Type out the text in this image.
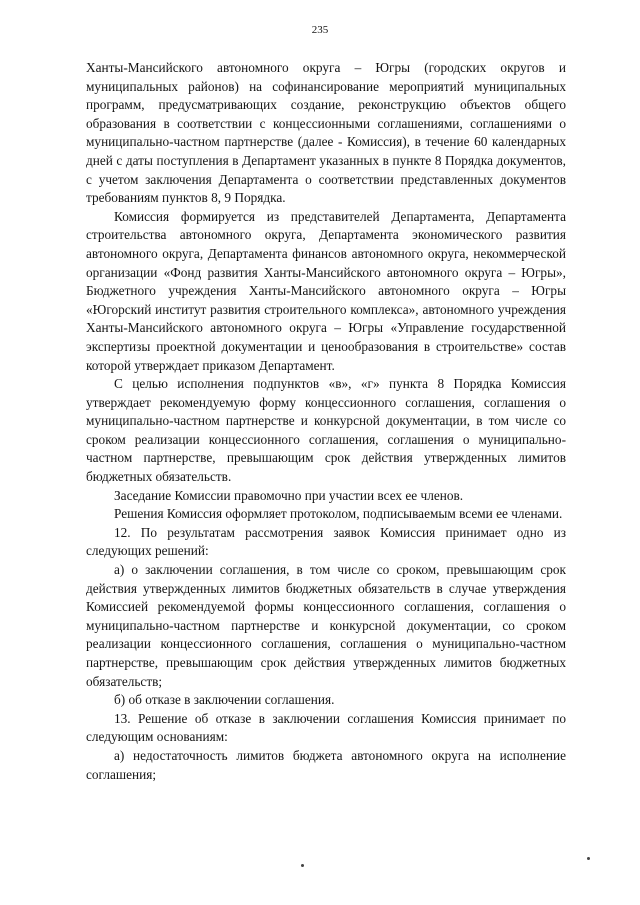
235

Ханты-Мансийского автономного округа – Югры (городских округов и муниципальных районов) на софинансирование мероприятий муниципальных программ, предусматривающих создание, реконструкцию объектов общего образования в соответствии с концессионными соглашениями, соглашениями о муниципально-частном партнерстве (далее - Комиссия), в течение 60 календарных дней с даты поступления в Департамент указанных в пункте 8 Порядка документов, с учетом заключения Департамента о соответствии представленных документов требованиям пунктов 8, 9 Порядка.

Комиссия формируется из представителей Департамента, Департамента строительства автономного округа, Департамента экономического развития автономного округа, Департамента финансов автономного округа, некоммерческой организации «Фонд развития Ханты-Мансийского автономного округа – Югры», Бюджетного учреждения Ханты-Мансийского автономного округа – Югры «Югорский институт развития строительного комплекса», автономного учреждения Ханты-Мансийского автономного округа – Югры «Управление государственной экспертизы проектной документации и ценообразования в строительстве» состав которой утверждает приказом Департамент.

С целью исполнения подпунктов «в», «г» пункта 8 Порядка Комиссия утверждает рекомендуемую форму концессионного соглашения, соглашения о муниципально-частном партнерстве и конкурсной документации, в том числе со сроком реализации концессионного соглашения, соглашения о муниципально-частном партнерстве, превышающим срок действия утвержденных лимитов бюджетных обязательств.

Заседание Комиссии правомочно при участии всех ее членов.

Решения Комиссия оформляет протоколом, подписываемым всеми ее членами.

12. По результатам рассмотрения заявок Комиссия принимает одно из следующих решений:

а) о заключении соглашения, в том числе со сроком, превышающим срок действия утвержденных лимитов бюджетных обязательств в случае утверждения Комиссией рекомендуемой формы концессионного соглашения, соглашения о муниципально-частном партнерстве и конкурсной документации, со сроком реализации концессионного соглашения, соглашения о муниципально-частном партнерстве, превышающим срок действия утвержденных лимитов бюджетных обязательств;

б) об отказе в заключении соглашения.

13. Решение об отказе в заключении соглашения Комиссия принимает по следующим основаниям:

а) недостаточность лимитов бюджета автономного округа на исполнение соглашения;
